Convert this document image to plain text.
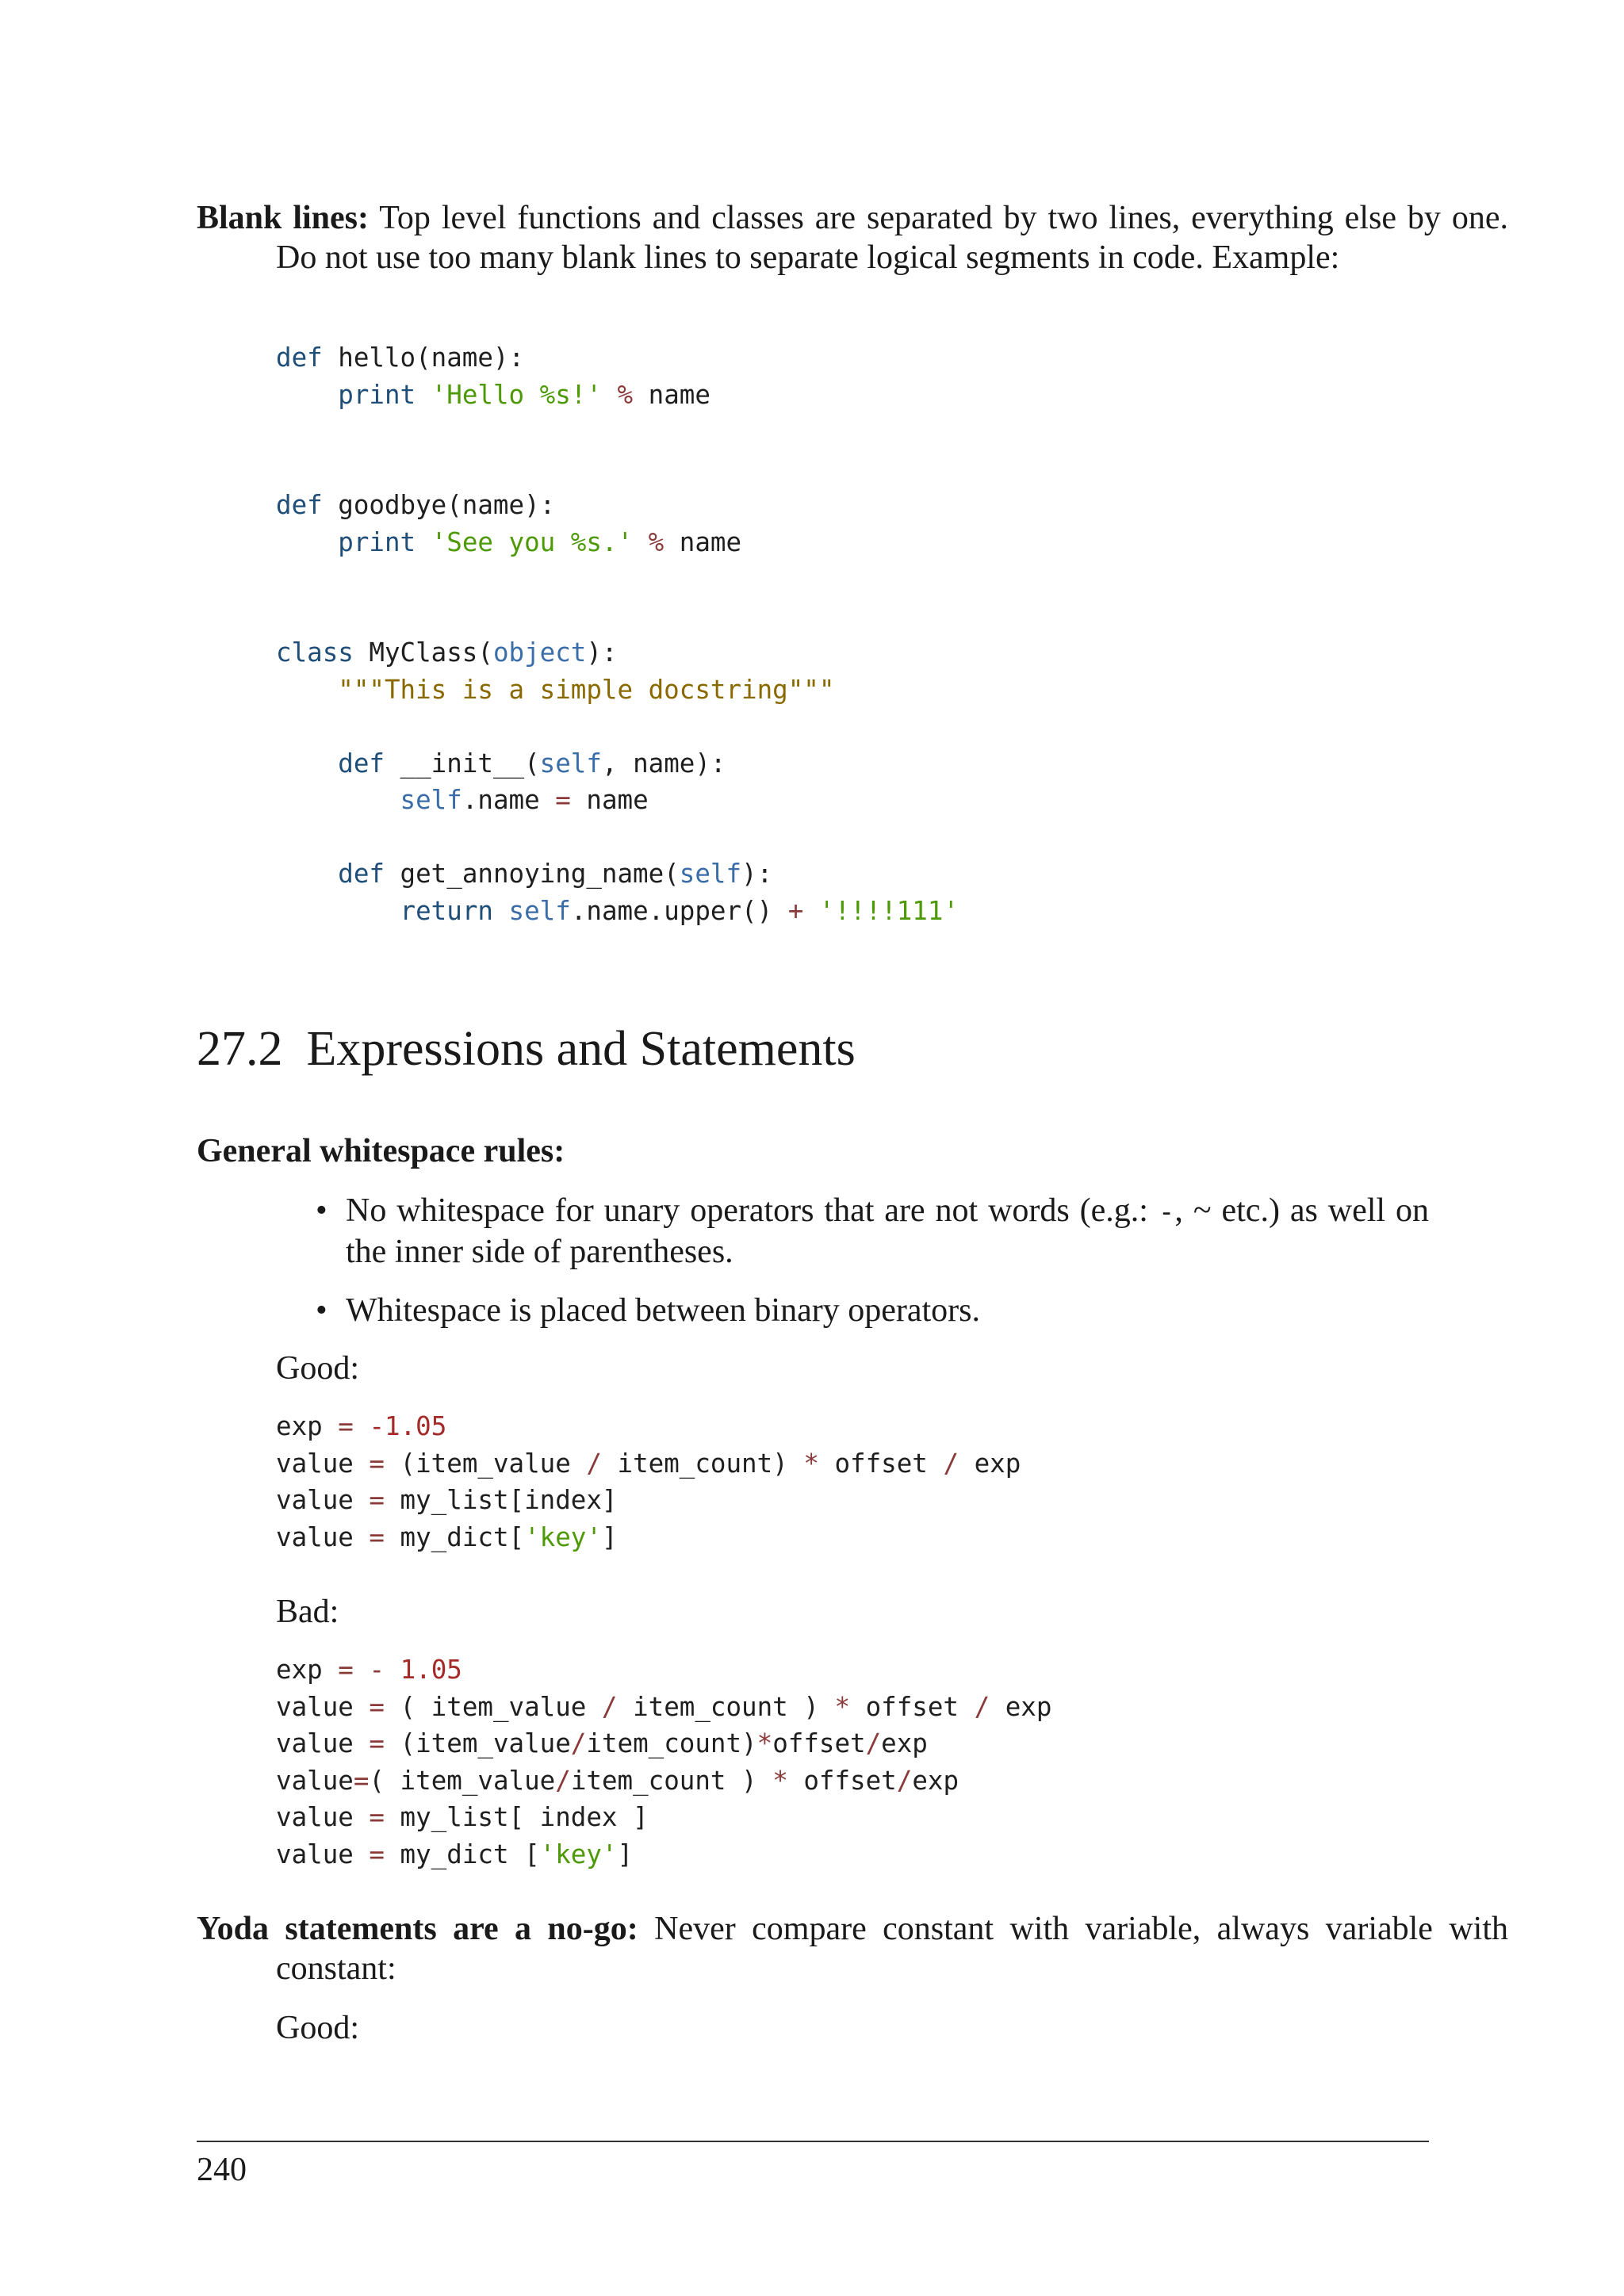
Blank lines: Top level functions and classes are separated by two lines, everything else by one. Do not use too many blank lines to separate logical segments in code. Example:
def hello(name):
print 'Hello %s!' % name

def goodbye(name):
print 'See you %s.' % name

class MyClass(object):
"""This is a simple docstring"""

def __init__(self, name):
self.name = name

def get_annoying_name(self):
return self.name.upper() + '!!!!111'
27.2 Expressions and Statements
General whitespace rules:
• No whitespace for unary operators that are not words (e.g.: -, ~ etc.) as well on the inner side of parentheses.
• Whitespace is placed between binary operators.
Good:
exp = -1.05
value = (item_value / item_count) * offset / exp
value = my_list[index]
value = my_dict['key']
Bad:
exp = - 1.05
value = ( item_value / item_count ) * offset / exp
value = (item_value/item_count)*offset/exp
value=( item_value/item_count ) * offset/exp
value = my_list[ index ]
value = my_dict ['key']
Yoda statements are a no-go: Never compare constant with variable, always variable with constant:
Good:
240
